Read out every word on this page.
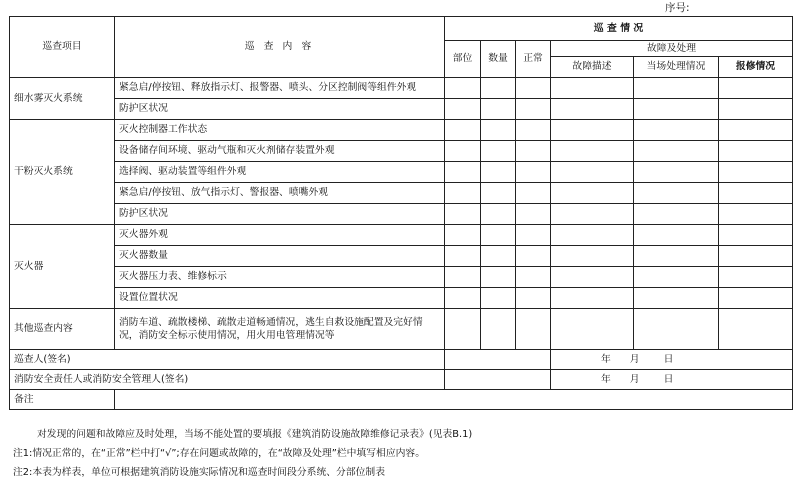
序号:
巡查项目	巡 查 内 容	巡 查 情 况					
		部位	数量	正常	故障及处理		
					故障描述	当场处理情况	报修情况
细水雾灭火系统	紧急启/停按钮、释放指示灯、报警器、喷头、分区控制阀等组件外观						
	防护区状况						
干粉灭火系统	灭火控制器工作状态						
	设备储存间环境、驱动气瓶和灭火剂储存装置外观						
	选择阀、驱动装置等组件外观						
	紧急启/停按钮、放气指示灯、警报器、喷嘴外观						
	防护区状况						
灭火器	灭火器外观						
	灭火器数量						
	灭火器压力表、维修标示						
	设置位置状况						
其他巡查内容	消防车道、疏散楼梯、疏散走道畅通情况，逃生自救设施配置及完好情况，消防安全标示使用情况，用火用电管理情况等						
巡查人(签名)					年 月 日		
消防安全责任人或消防安全管理人(签名)					年 月 日		
备注							
对发现的问题和故障应及时处理，当场不能处置的要填报《建筑消防设施故障维修记录表》(见表B.1)
注1:情况正常的，在“正常”栏中打“√”;存在问题或故障的，在“故障及处理”栏中填写相应内容。
注2:本表为样表，单位可根据建筑消防设施实际情况和巡查时间段分系统、分部位制表
